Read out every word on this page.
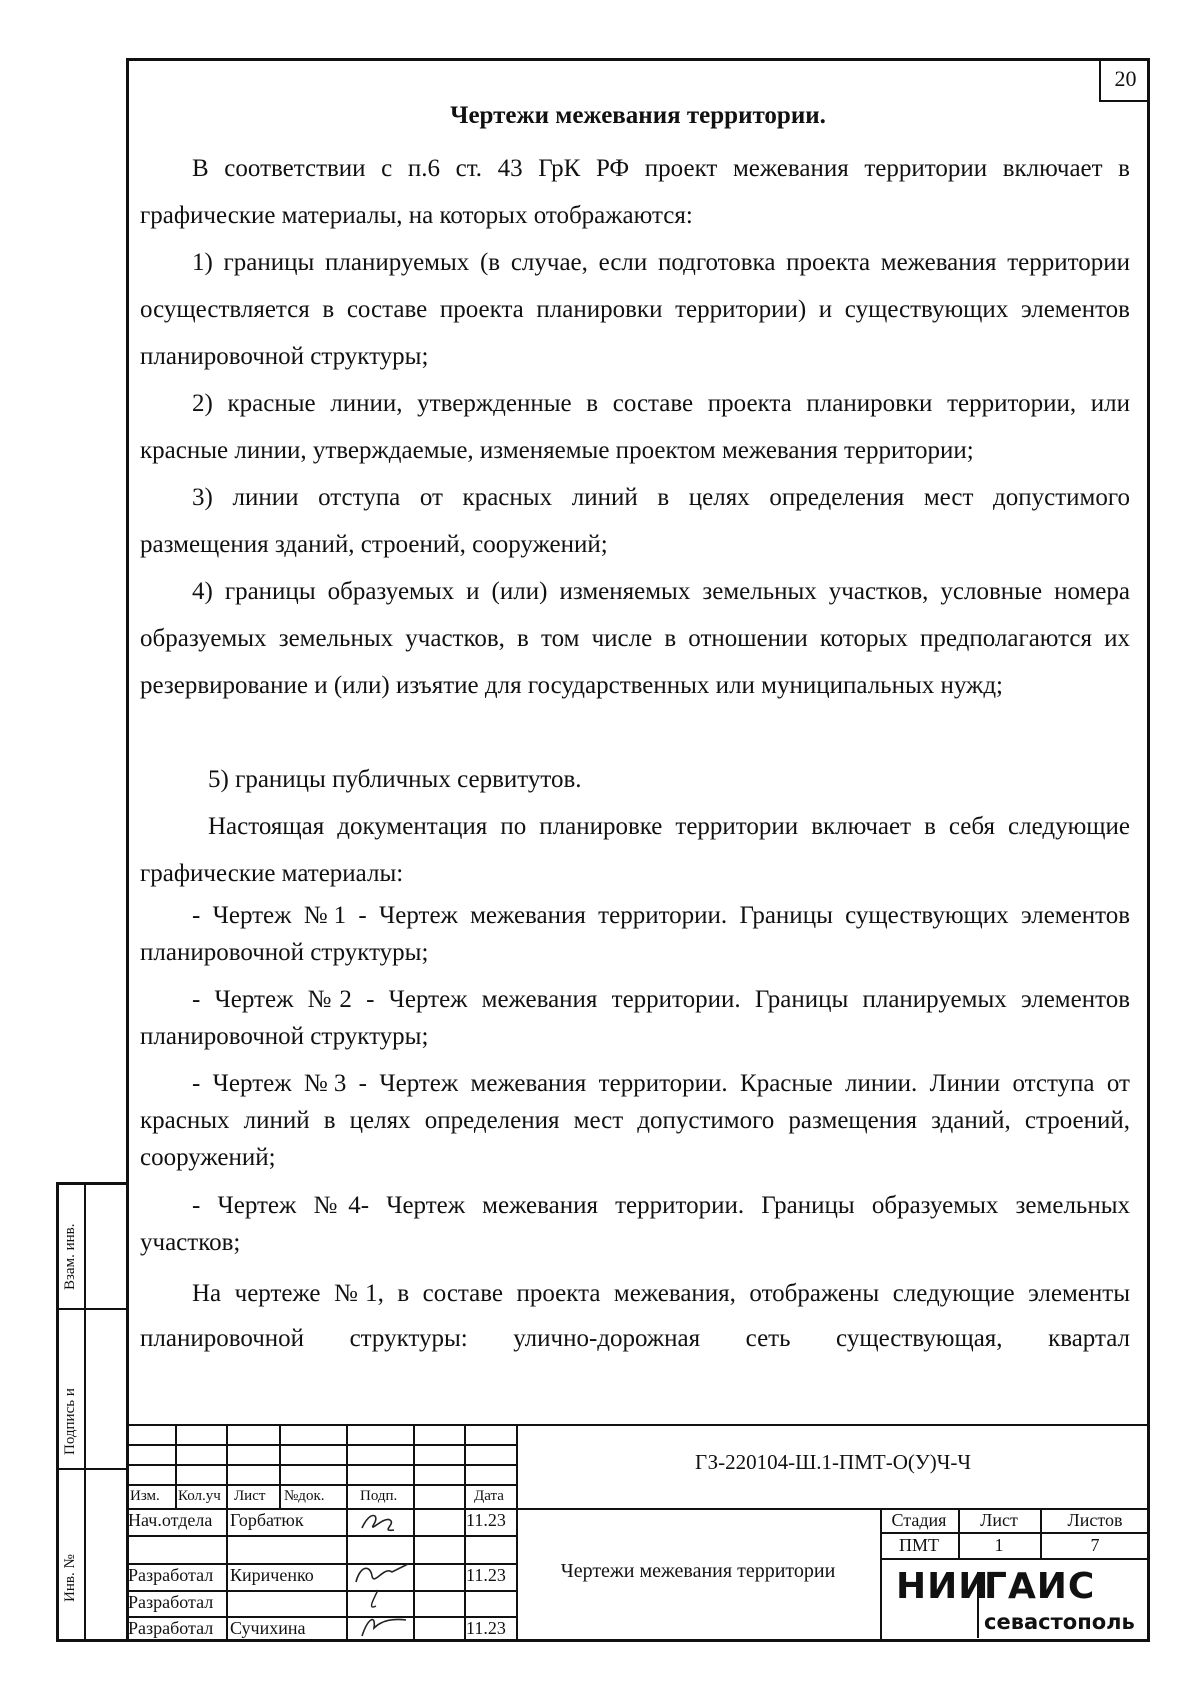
20
Взам. инв.
Подпись и
Инв. №
Чертежи межевания территории.
В соответствии с п.6 ст. 43 ГрК РФ проект межевания территории включает в графические материалы, на которых отображаются:
1) границы планируемых (в случае, если подготовка проекта межевания территории осуществляется в составе проекта планировки территории) и существующих элементов планировочной структуры;
2) красные линии, утвержденные в составе проекта планировки территории, или красные линии, утверждаемые, изменяемые проектом межевания территории;
3) линии отступа от красных линий в целях определения мест допустимого размещения зданий, строений, сооружений;
4) границы образуемых и (или) изменяемых земельных участков, условные номера образуемых земельных участков, в том числе в отношении которых предполагаются их резервирование и (или) изъятие для государственных или муниципальных нужд;
5) границы публичных сервитутов.
Настоящая документация по планировке территории включает в себя следующие графические материалы:
- Чертеж №1 - Чертеж межевания территории. Границы существующих элементов планировочной структуры;
- Чертеж №2 - Чертеж межевания территории. Границы планируемых элементов планировочной структуры;
- Чертеж №3 - Чертеж межевания территории. Красные линии. Линии отступа от красных линий в целях определения мест допустимого размещения зданий, строений, сооружений;
- Чертеж №4- Чертеж межевания территории. Границы образуемых земельных участков;
На чертеже №1, в составе проекта межевания, отображены следующие элементы планировочной структуры: улично-дорожная сеть существующая, квартал
Изм. Кол.уч Лист №док. Подп.	Дата
Нач.отдела Горбатюк	11.23
Разработал Кириченко	11.23
Разработал
Разработал Сучихина	11.23
ГЗ-220104-Ш.1-ПМТ-О(У)Ч-Ч
Чертежи межевания территории
Стадия	Лист	Листов
ПМТ	1	7
НИИ
ГАИС
севастополь
